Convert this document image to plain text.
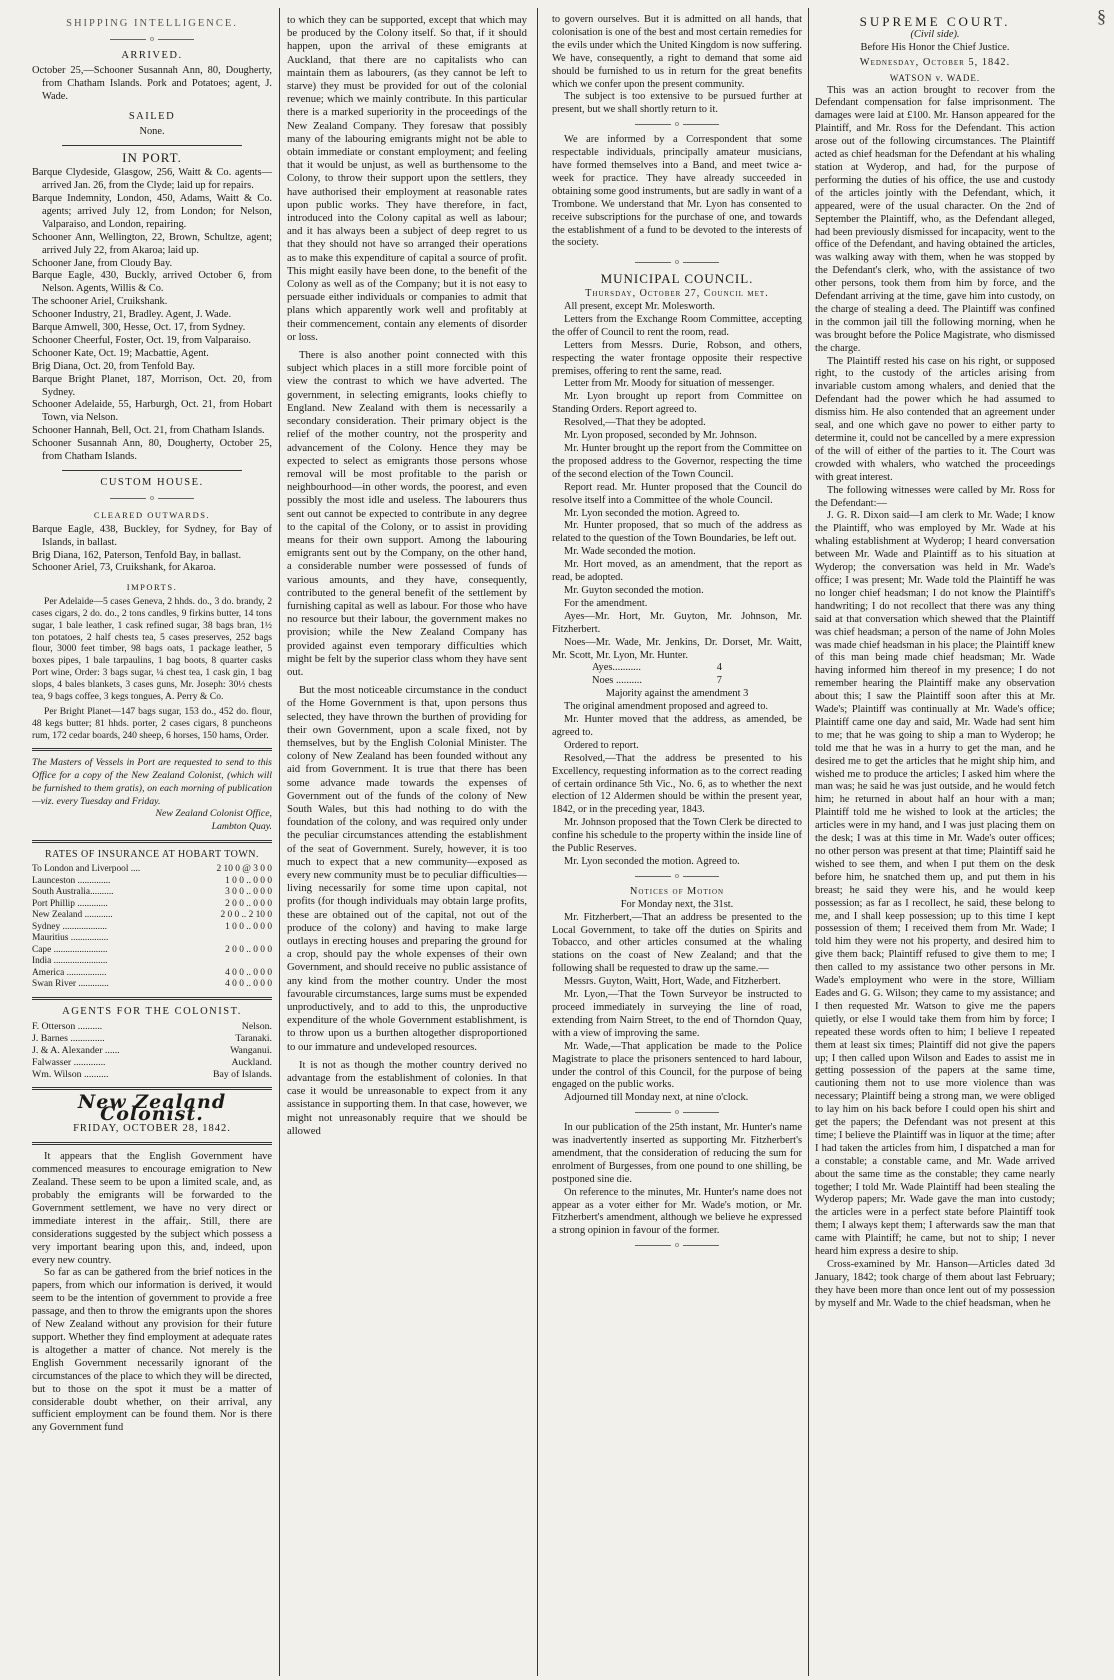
§
SHIPPING INTELLIGENCE.
o
ARRIVED.

October 25,—Schooner Susannah Ann, 80, Dougherty, from Chatham Islands. Pork and Potatoes; agent, J. Wade.

SAILED
None.
IN PORT.

Barque Clydeside, Glasgow, 256, Waitt & Co. agents—arrived Jan. 26, from the Clyde; laid up for repairs.

Barque Indemnity, London, 450, Adams, Waitt & Co. agents; arrived July 12, from London; for Nelson, Valparaiso, and London, repairing.

Schooner Ann, Wellington, 22, Brown, Schultze, agent; arrived July 22, from Akaroa; laid up.

Schooner Jane, from Cloudy Bay.

Barque Eagle, 430, Buckly, arrived October 6, from Nelson. Agents, Willis & Co.

The schooner Ariel, Cruikshank.

Schooner Industry, 21, Bradley. Agent, J. Wade.

Barque Amwell, 300, Hesse, Oct. 17, from Sydney.

Schooner Cheerful, Foster, Oct. 19, from Valparaiso.

Schooner Kate, Oct. 19; Macbattie, Agent.

Brig Diana, Oct. 20, from Tenfold Bay.

Barque Bright Planet, 187, Morrison, Oct. 20, from Sydney.

Schooner Adelaide, 55, Harburgh, Oct. 21, from Hobart Town, via Nelson.

Schooner Hannah, Bell, Oct. 21, from Chatham Islands.

Schooner Susannah Ann, 80, Dougherty, October 25, from Chatham Islands.

CUSTOM HOUSE.
o
CLEARED OUTWARDS.

Barque Eagle, 438, Buckley, for Sydney, for Bay of Islands, in ballast.

Brig Diana, 162, Paterson, Tenfold Bay, in ballast.

Schooner Ariel, 73, Cruikshank, for Akaroa.

IMPORTS.

Per Adelaide—5 cases Geneva, 2 hhds. do., 3 do. brandy, 2 cases cigars, 2 do. do., 2 tons candles, 9 firkins butter, 14 tons sugar, 1 bale leather, 1 cask refined sugar, 38 bags bran, 1½ ton potatoes, 2 half chests tea, 5 cases preserves, 252 bags flour, 3000 feet timber, 98 bags oats, 1 package leather, 5 boxes pipes, 1 bale tarpaulins, 1 bag boots, 8 quarter casks Port wine, Order: 3 bags sugar, ¼ chest tea, 1 cask gin, 1 bag slops, 4 bales blankets, 3 cases guns, Mr. Joseph: 30½ chests tea, 9 bags coffee, 3 kegs tongues, A. Perry & Co.

Per Bright Planet—147 bags sugar, 153 do., 452 do. flour, 48 kegs butter; 81 hhds. porter, 2 cases cigars, 8 puncheons rum, 172 cedar boards, 240 sheep, 6 horses, 150 hams, Order.

The Masters of Vessels in Port are requested to send to this Office for a copy of the New Zealand Colonist, (which will be furnished to them gratis), on each morning of publication—viz. every Tuesday and Friday.

New Zealand Colonist Office,
Lambton Quay.
RATES OF INSURANCE AT HOBART TOWN.
To London and Liverpool ....	2 10 0 @ 3 0 0
Launceston ..............	1 0 0 .. 0 0 0
South Australia..........	3 0 0 .. 0 0 0
Port Phillip .............	2 0 0 .. 0 0 0
New Zealand ............	2 0 0 .. 2 10 0
Sydney ...................	1 0 0 .. 0 0 0
Mauritius ................	
Cape .......................	2 0 0 .. 0 0 0
India .......................	
America .................	4 0 0 .. 0 0 0
Swan River .............	4 0 0 .. 0 0 0
AGENTS FOR THE COLONIST.
F. Otterson ..........	Nelson.
J. Barnes ..............	Taranaki.
J. & A. Alexander ......	Wanganui.
Falwasser .............	Auckland.
Wm. Wilson ..........	Bay of Islands.
New Zealand Colonist.
FRIDAY, OCTOBER 28, 1842.

It appears that the English Government have commenced measures to encourage emigration to New Zealand. These seem to be upon a limited scale, and, as probably the emigrants will be forwarded to the Government settlement, we have no very direct or immediate interest in the affair,. Still, there are considerations suggested by the subject which possess a very important bearing upon this, and, indeed, upon every new country.

So far as can be gathered from the brief notices in the papers, from which our information is derived, it would seem to be the intention of government to provide a free passage, and then to throw the emigrants upon the shores of New Zealand without any provision for their future support. Whether they find employment at adequate rates is altogether a matter of chance. Not merely is the English Government necessarily ignorant of the circumstances of the place to which they will be directed, but to those on the spot it must be a matter of considerable doubt whether, on their arrival, any sufficient employment can be found them. Nor is there any Government fund

to which they can be supported, except that which may be produced by the Colony itself. So that, if it should happen, upon the arrival of these emigrants at Auckland, that there are no capitalists who can maintain them as labourers, (as they cannot be left to starve) they must be provided for out of the colonial revenue; which we mainly contribute. In this particular there is a marked superiority in the proceedings of the New Zealand Company. They foresaw that possibly many of the labouring emigrants might not be able to obtain immediate or constant employment; and feeling that it would be unjust, as well as burthensome to the Colony, to throw their support upon the settlers, they have authorised their employment at reasonable rates upon public works. They have therefore, in fact, introduced into the Colony capital as well as labour; and it has always been a subject of deep regret to us that they should not have so arranged their operations as to make this expenditure of capital a source of profit. This might easily have been done, to the benefit of the Colony as well as of the Company; but it is not easy to persuade either individuals or companies to admit that plans which apparently work well and profitably at their commencement, contain any elements of disorder or loss.

There is also another point connected with this subject which places in a still more forcible point of view the contrast to which we have adverted. The government, in selecting emigrants, looks chiefly to England. New Zealand with them is necessarily a secondary consideration. Their primary object is the relief of the mother country, not the prosperity and advancement of the Colony. Hence they may be expected to select as emigrants those persons whose removal will be most profitable to the parish or neighbourhood—in other words, the poorest, and even possibly the most idle and useless. The labourers thus sent out cannot be expected to contribute in any degree to the capital of the Colony, or to assist in providing means for their own support. Among the labouring emigrants sent out by the Company, on the other hand, a considerable number were possessed of funds of various amounts, and they have, consequently, contributed to the general benefit of the settlement by furnishing capital as well as labour. For those who have no resource but their labour, the government makes no provision; while the New Zealand Company has provided against even temporary difficulties which might be felt by the superior class whom they have sent out.

But the most noticeable circumstance in the conduct of the Home Government is that, upon persons thus selected, they have thrown the burthen of providing for their own Government, upon a scale fixed, not by themselves, but by the English Colonial Minister. The colony of New Zealand has been founded without any aid from Government. It is true that there has been some advance made towards the expenses of Government out of the funds of the colony of New South Wales, but this had nothing to do with the foundation of the colony, and was required only under the peculiar circumstances attending the establishment of the seat of Government. Surely, however, it is too much to expect that a new community—exposed as every new community must be to peculiar difficulties—living necessarily for some time upon capital, not profits (for though individuals may obtain large profits, these are obtained out of the capital, not out of the produce of the colony) and having to make large outlays in erecting houses and preparing the ground for a crop, should pay the whole expenses of their own Government, and should receive no public assistance of any kind from the mother country. Under the most favourable circumstances, large sums must be expended unproductively, and to add to this, the unproductive expenditure of the whole Government establishment, is to throw upon us a burthen altogether disproportioned to our immature and undeveloped resources.

It is not as though the mother country derived no advantage from the establishment of colonies. In that case it would be unreasonable to expect from it any assistance in supporting them. In that case, however, we might not unreasonably require that we should be allowed

to govern ourselves. But it is admitted on all hands, that colonisation is one of the best and most certain remedies for the evils under which the United Kingdom is now suffering. We have, consequently, a right to demand that some aid should be furnished to us in return for the great benefits which we confer upon the present community.

The subject is too extensive to be pursued further at present, but we shall shortly return to it.

o

We are informed by a Correspondent that some respectable individuals, principally amateur musicians, have formed themselves into a Band, and meet twice a-week for practice. They have already succeeded in obtaining some good instruments, but are sadly in want of a Trombone. We understand that Mr. Lyon has consented to receive subscriptions for the purchase of one, and towards the establishment of a fund to be devoted to the interests of the society.

o
MUNICIPAL COUNCIL.
Thursday, October 27, Council met.

All present, except Mr. Molesworth.

Letters from the Exchange Room Committee, accepting the offer of Council to rent the room, read.

Letters from Messrs. Durie, Robson, and others, respecting the water frontage opposite their respective premises, offering to rent the same, read.

Letter from Mr. Moody for situation of messenger.

Mr. Lyon brought up report from Committee on Standing Orders. Report agreed to.

Resolved,—That they be adopted.

Mr. Lyon proposed, seconded by Mr. Johnson.

Mr. Hunter brought up the report from the Committee on the proposed address to the Governor, respecting the time of the second election of the Town Council.

Report read. Mr. Hunter proposed that the Council do resolve itself into a Committee of the whole Council.

Mr. Lyon seconded the motion. Agreed to.

Mr. Hunter proposed, that so much of the address as related to the question of the Town Boundaries, be left out.

Mr. Wade seconded the motion.

Mr. Hort moved, as an amendment, that the report as read, be adopted.

Mr. Guyton seconded the motion.

For the amendment.

Ayes—Mr. Hort, Mr. Guyton, Mr. Johnson, Mr. Fitzherbert.

Noes—Mr. Wade, Mr. Jenkins, Dr. Dorset, Mr. Waitt, Mr. Scott, Mr. Lyon, Mr. Hunter.

Ayes...........	4
Noes ..........	7
Majority against the amendment 3

The original amendment proposed and agreed to.

Mr. Hunter moved that the address, as amended, be agreed to.

Ordered to report.

Resolved,—That the address be presented to his Excellency, requesting information as to the correct reading of certain ordinance 5th Vic., No. 6, as to whether the next election of 12 Aldermen should be within the present year, 1842, or in the preceding year, 1843.

Mr. Johnson proposed that the Town Clerk be directed to confine his schedule to the property within the inside line of the Public Reserves.

Mr. Lyon seconded the motion. Agreed to.

o
Notices of Motion
For Monday next, the 31st.

Mr. Fitzherbert,—That an address be presented to the Local Government, to take off the duties on Spirits and Tobacco, and other articles consumed at the whaling stations on the coast of New Zealand; and that the following shall be requested to draw up the same.—

Messrs. Guyton, Waitt, Hort, Wade, and Fitzherbert.

Mr. Lyon,—That the Town Surveyor be instructed to proceed immediately in surveying the line of road, extending from Nairn Street, to the end of Thorndon Quay, with a view of improving the same.

Mr. Wade,—That application be made to the Police Magistrate to place the prisoners sentenced to hard labour, under the control of this Council, for the purpose of being engaged on the public works.

Adjourned till Monday next, at nine o'clock.

o

In our publication of the 25th instant, Mr. Hunter's name was inadvertently inserted as supporting Mr. Fitzherbert's amendment, that the consideration of reducing the sum for enrolment of Burgesses, from one pound to one shilling, be postponed sine die.

On reference to the minutes, Mr. Hunter's name does not appear as a voter either for Mr. Wade's motion, or Mr. Fitzherbert's amendment, although we believe he expressed a strong opinion in favour of the former.

o
SUPREME COURT.
(Civil side).
Before His Honor the Chief Justice.
Wednesday, October 5, 1842.
WATSON v. WADE.

This was an action brought to recover from the Defendant compensation for false imprisonment. The damages were laid at £100. Mr. Hanson appeared for the Plaintiff, and Mr. Ross for the Defendant. This action arose out of the following circumstances. The Plaintiff acted as chief headsman for the Defendant at his whaling station at Wyderop, and had, for the purpose of performing the duties of his office, the use and custody of the articles jointly with the Defendant, which, it appeared, were of the usual character. On the 2nd of September the Plaintiff, who, as the Defendant alleged, had been previously dismissed for incapacity, went to the office of the Defendant, and having obtained the articles, was walking away with them, when he was stopped by the Defendant's clerk, who, with the assistance of two other persons, took them from him by force, and the Defendant arriving at the time, gave him into custody, on the charge of stealing a deed. The Plaintiff was confined in the common jail till the following morning, when he was brought before the Police Magistrate, who dismissed the charge.

The Plaintiff rested his case on his right, or supposed right, to the custody of the articles arising from invariable custom among whalers, and denied that the Defendant had the power which he had assumed to dismiss him. He also contended that an agreement under seal, and one which gave no power to either party to determine it, could not be cancelled by a mere expression of the will of either of the parties to it. The Court was crowded with whalers, who watched the proceedings with great interest.

The following witnesses were called by Mr. Ross for the Defendant:—

J. G. R. Dixon said—I am clerk to Mr. Wade; I know the Plaintiff, who was employed by Mr. Wade at his whaling establishment at Wyderop; I heard conversation between Mr. Wade and Plaintiff as to his situation at Wyderop; the conversation was held in Mr. Wade's office; I was present; Mr. Wade told the Plaintiff he was no longer chief headsman; I do not know the Plaintiff's handwriting; I do not recollect that there was any thing said at that conversation which shewed that the Plaintiff was chief headsman; a person of the name of John Moles was made chief headsman in his place; the Plaintiff knew of this man being made chief headsman; Mr. Wade having informed him thereof in my presence; I do not remember hearing the Plaintiff make any observation about this; I saw the Plaintiff soon after this at Mr. Wade's; Plaintiff was continually at Mr. Wade's office; Plaintiff came one day and said, Mr. Wade had sent him to me; that he was going to ship a man to Wyderop; he told me that he was in a hurry to get the man, and he desired me to get the articles that he might ship him, and wished me to produce the articles; I asked him where the man was; he said he was just outside, and he would fetch him; he returned in about half an hour with a man; Plaintiff told me he wished to look at the articles; the articles were in my hand, and I was just placing them on the desk; I was at this time in Mr. Wade's outer offices; no other person was present at that time; Plaintiff said he wished to see them, and when I put them on the desk before him, he snatched them up, and put them in his breast; he said they were his, and he would keep possession; as far as I recollect, he said, these belong to me, and I shall keep possession; up to this time I kept possession of them; I received them from Mr. Wade; I told him they were not his property, and desired him to give them back; Plaintiff refused to give them to me; I then called to my assistance two other persons in Mr. Wade's employment who were in the store, William Eades and G. G. Wilson; they came to my assistance; and I then requested Mr. Watson to give me the papers quietly, or else I would take them from him by force; I repeated these words often to him; I believe I repeated them at least six times; Plaintiff did not give the papers up; I then called upon Wilson and Eades to assist me in getting possession of the papers at the same time, cautioning them not to use more violence than was necessary; Plaintiff being a strong man, we were obliged to lay him on his back before I could open his shirt and get the papers; the Defendant was not present at this time; I believe the Plaintiff was in liquor at the time; after I had taken the articles from him, I dispatched a man for a constable; a constable came, and Mr. Wade arrived about the same time as the constable; they came nearly together; I told Mr. Wade Plaintiff had been stealing the Wyderop papers; Mr. Wade gave the man into custody; the articles were in a perfect state before Plaintiff took them; I always kept them; I afterwards saw the man that came with Plaintiff; he came, but not to ship; I never heard him express a desire to ship.

Cross-examined by Mr. Hanson—Articles dated 3d January, 1842; took charge of them about last February; they have been more than once lent out of my possession by myself and Mr. Wade to the chief headsman, when he
